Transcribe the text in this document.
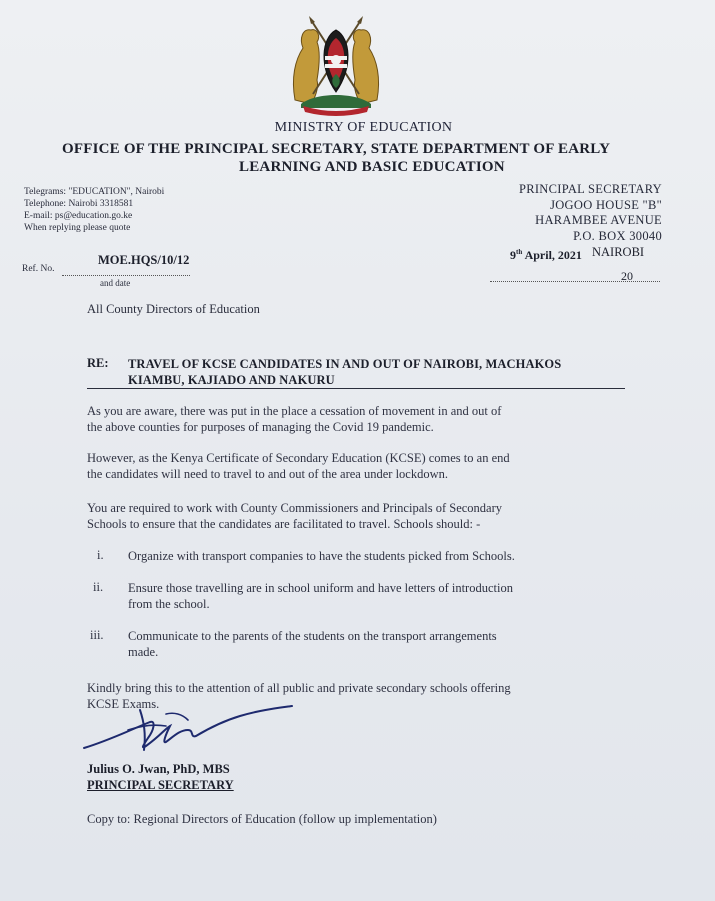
MINISTRY OF EDUCATION
OFFICE OF THE PRINCIPAL SECRETARY, STATE DEPARTMENT OF EARLY
LEARNING AND BASIC EDUCATION
Telegrams: "EDUCATION", Nairobi
Telephone: Nairobi 3318581
E-mail: ps@education.go.ke
When replying please quote
PRINCIPAL SECRETARY
JOGOO HOUSE "B"
HARAMBEE AVENUE
P.O. BOX 30040
Ref. No.
MOE.HQS/10/12
and date
9th April, 2021 NAIROBI
20
All County Directors of Education
RE: TRAVEL OF KCSE CANDIDATES IN AND OUT OF NAIROBI, MACHAKOS
KIAMBU, KAJIADO AND NAKURU
As you are aware, there was put in the place a cessation of movement in and out of
the above counties for purposes of managing the Covid 19 pandemic.
However, as the Kenya Certificate of Secondary Education (KCSE) comes to an end
the candidates will need to travel to and out of the area under lockdown.
You are required to work with County Commissioners and Principals of Secondary
Schools to ensure that the candidates are facilitated to travel. Schools should: -
i. Organize with transport companies to have the students picked from Schools.
ii. Ensure those travelling are in school uniform and have letters of introduction
from the school.
iii. Communicate to the parents of the students on the transport arrangements
made.
Kindly bring this to the attention of all public and private secondary schools offering
KCSE Exams.
Julius O. Jwan, PhD, MBS
PRINCIPAL SECRETARY
Copy to: Regional Directors of Education (follow up implementation)
